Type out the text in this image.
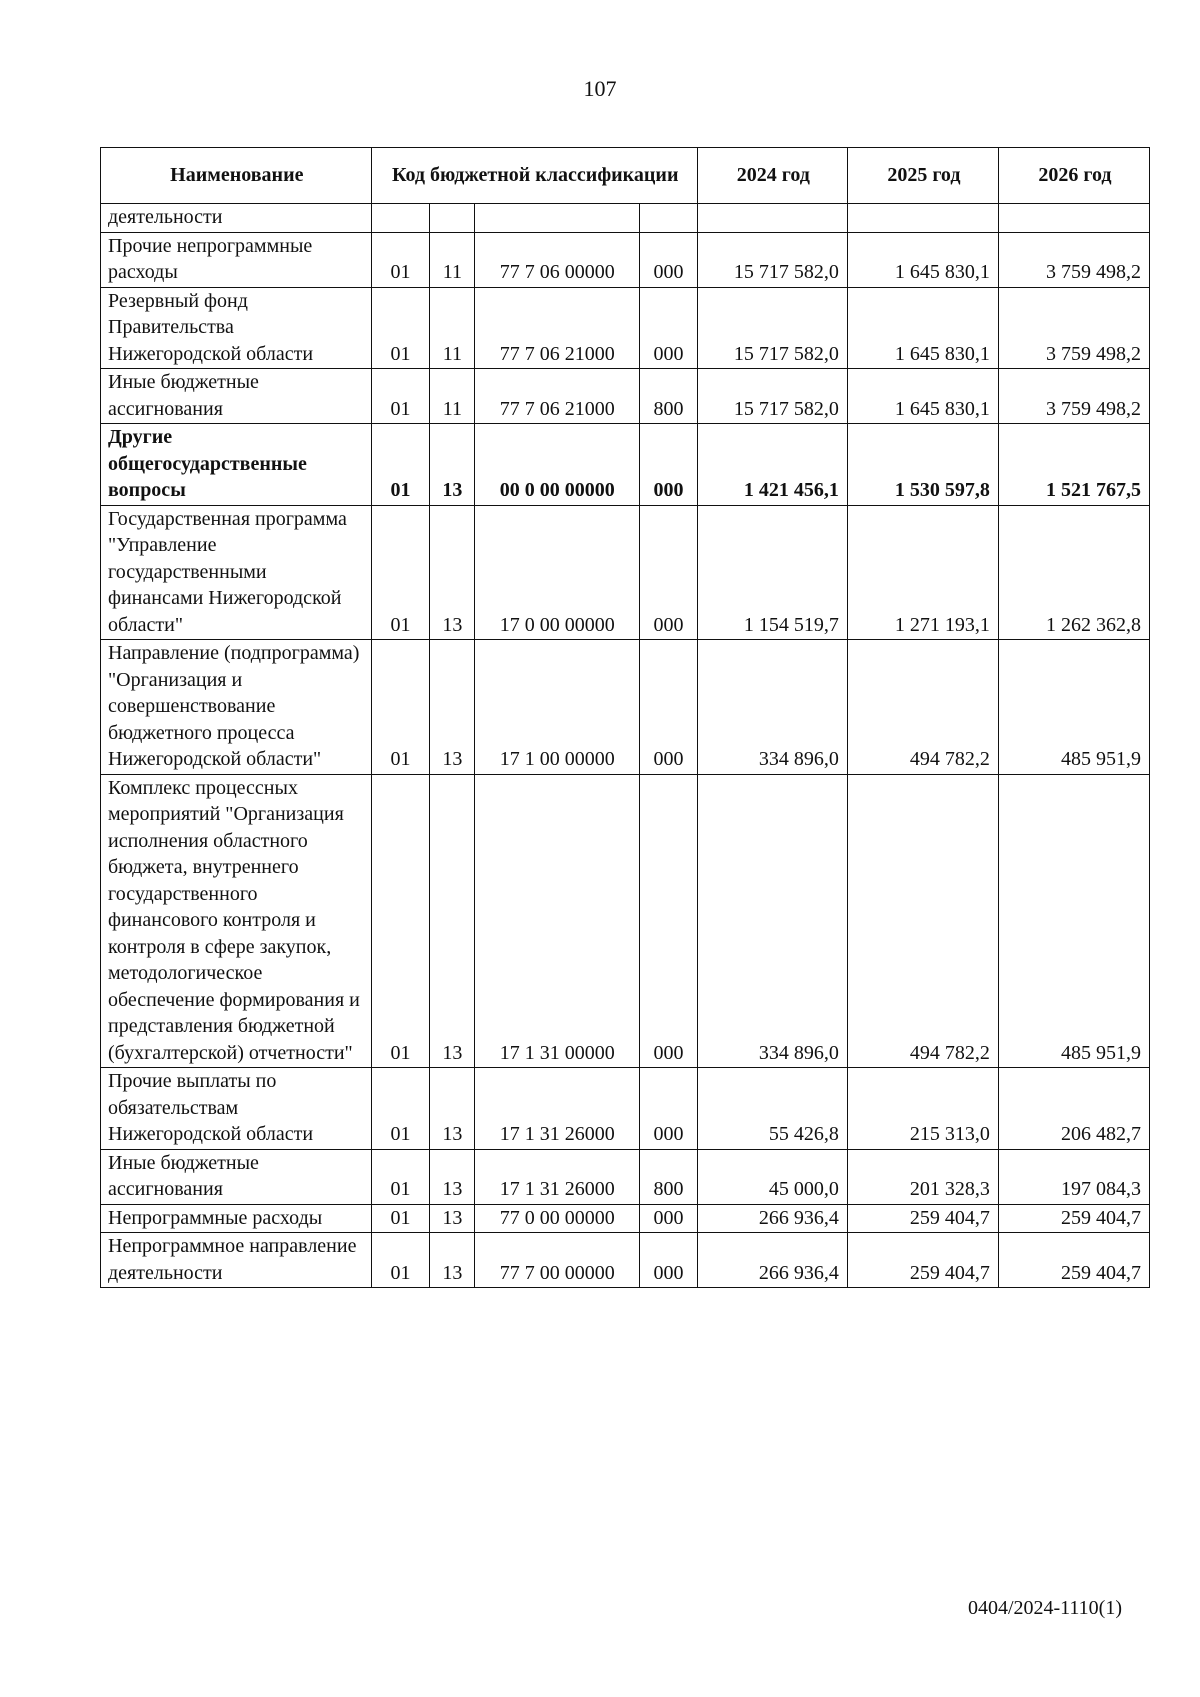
107
Наименование	Код бюджетной классификации				2024 год	2025 год	2026 год
деятельности							
Прочие непрограммные расходы	01	11	77 7 06 00000	000	15 717 582,0	1 645 830,1	3 759 498,2
Резервный фонд Правительства Нижегородской области	01	11	77 7 06 21000	000	15 717 582,0	1 645 830,1	3 759 498,2
Иные бюджетные ассигнования	01	11	77 7 06 21000	800	15 717 582,0	1 645 830,1	3 759 498,2
Другие общегосударственные вопросы	01	13	00 0 00 00000	000	1 421 456,1	1 530 597,8	1 521 767,5
Государственная программа "Управление государственными финансами Нижегородской области"	01	13	17 0 00 00000	000	1 154 519,7	1 271 193,1	1 262 362,8
Направление (подпрограмма) "Организация и совершенствование бюджетного процесса Нижегородской области"	01	13	17 1 00 00000	000	334 896,0	494 782,2	485 951,9
Комплекс процессных мероприятий "Организация исполнения областного бюджета, внутреннего государственного финансового контроля и контроля в сфере закупок, методологическое обеспечение формирования и представления бюджетной (бухгалтерской) отчетности"	01	13	17 1 31 00000	000	334 896,0	494 782,2	485 951,9
Прочие выплаты по обязательствам Нижегородской области	01	13	17 1 31 26000	000	55 426,8	215 313,0	206 482,7
Иные бюджетные ассигнования	01	13	17 1 31 26000	800	45 000,0	201 328,3	197 084,3
Непрограммные расходы	01	13	77 0 00 00000	000	266 936,4	259 404,7	259 404,7
Непрограммное направление деятельности	01	13	77 7 00 00000	000	266 936,4	259 404,7	259 404,7
0404/2024-1110(1)
